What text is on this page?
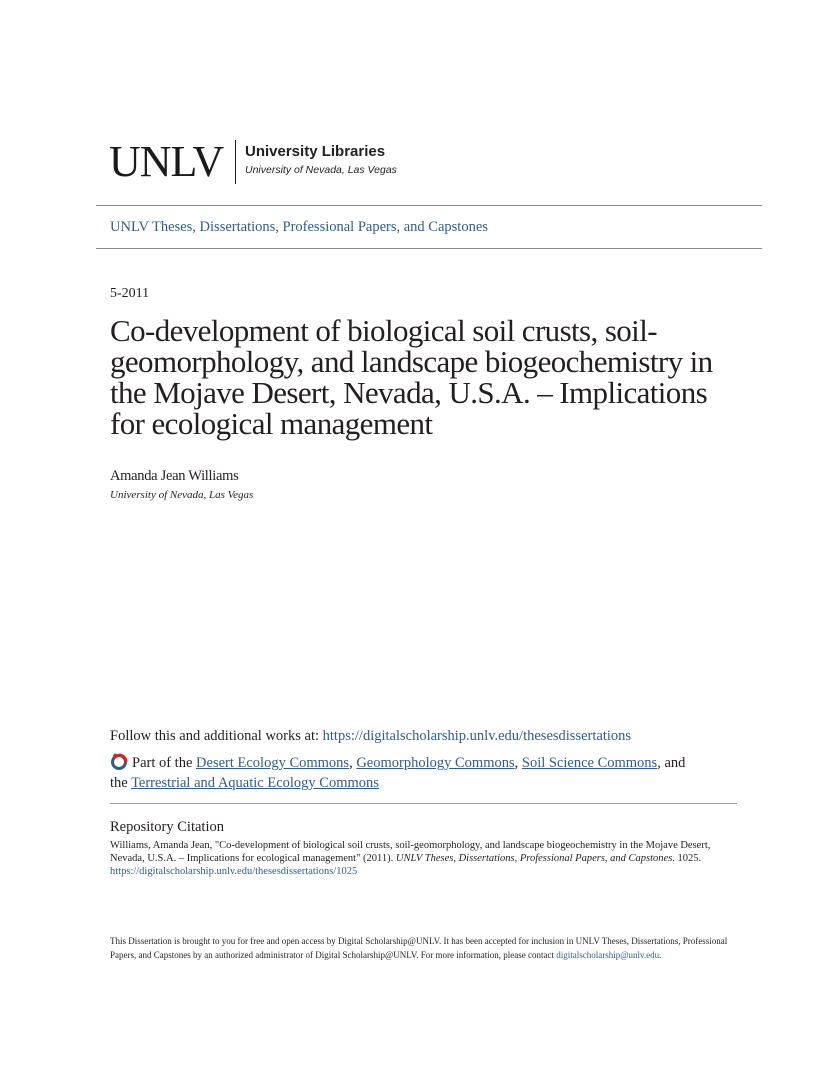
UNLV University Libraries
University of Nevada, Las Vegas
UNLV Theses, Dissertations, Professional Papers, and Capstones
5-2011
Co-development of biological soil crusts, soil-
geomorphology, and landscape biogeochemistry in
the Mojave Desert, Nevada, U.S.A. – Implications
for ecological management
Amanda Jean Williams
University of Nevada, Las Vegas
Follow this and additional works at: https://digitalscholarship.unlv.edu/thesesdissertations
Part of the Desert Ecology Commons, Geomorphology Commons, Soil Science Commons, and
the Terrestrial and Aquatic Ecology Commons
Repository Citation
Williams, Amanda Jean, "Co-development of biological soil crusts, soil-geomorphology, and landscape biogeochemistry in the Mojave Desert, Nevada, U.S.A. – Implications for ecological management" (2011). UNLV Theses, Dissertations, Professional Papers, and Capstones. 1025.
https://digitalscholarship.unlv.edu/thesesdissertations/1025
This Dissertation is brought to you for free and open access by Digital Scholarship@UNLV. It has been accepted for inclusion in UNLV Theses, Dissertations, Professional Papers, and Capstones by an authorized administrator of Digital Scholarship@UNLV. For more information, please contact digitalscholarship@unlv.edu.
